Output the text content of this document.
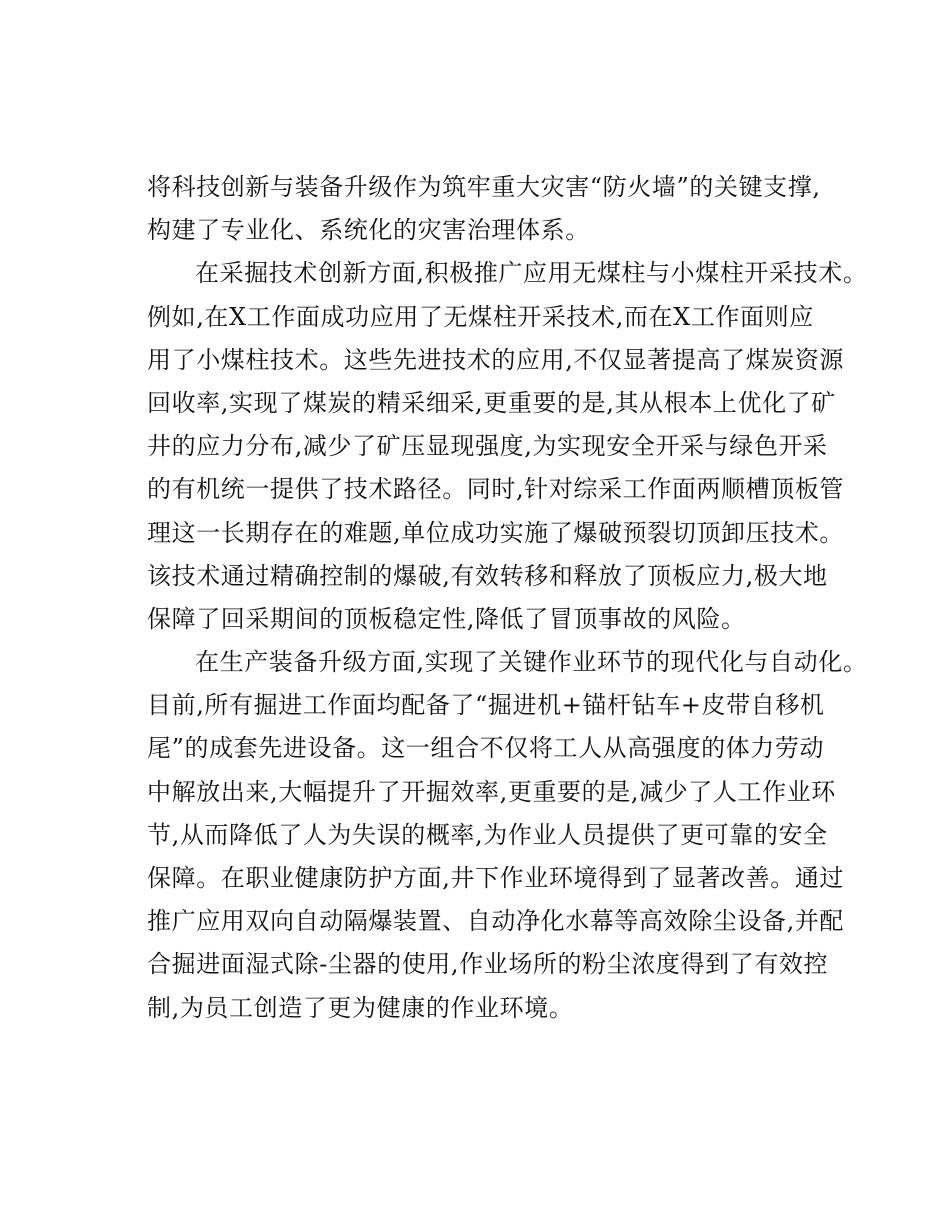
将科技创新与装备升级作为筑牢重大灾害“防火墙”的关键支撑,
构建了专业化、系统化的灾害治理体系。
在采掘技术创新方面,积极推广应用无煤柱与小煤柱开采技术。
例如,在X工作面成功应用了无煤柱开采技术,而在X工作面则应
用了小煤柱技术。这些先进技术的应用,不仅显著提高了煤炭资源
回收率,实现了煤炭的精采细采,更重要的是,其从根本上优化了矿
井的应力分布,减少了矿压显现强度,为实现安全开采与绿色开采
的有机统一提供了技术路径。同时,针对综采工作面两顺槽顶板管
理这一长期存在的难题,单位成功实施了爆破预裂切顶卸压技术。
该技术通过精确控制的爆破,有效转移和释放了顶板应力,极大地
保障了回采期间的顶板稳定性,降低了冒顶事故的风险。
在生产装备升级方面,实现了关键作业环节的现代化与自动化。
目前,所有掘进工作面均配备了“掘进机+锚杆钻车+皮带自移机
尾”的成套先进设备。这一组合不仅将工人从高强度的体力劳动
中解放出来,大幅提升了开掘效率,更重要的是,减少了人工作业环
节,从而降低了人为失误的概率,为作业人员提供了更可靠的安全
保障。在职业健康防护方面,井下作业环境得到了显著改善。通过
推广应用双向自动隔爆装置、自动净化水幕等高效除尘设备,并配
合掘进面湿式除-尘器的使用,作业场所的粉尘浓度得到了有效控
制,为员工创造了更为健康的作业环境。
